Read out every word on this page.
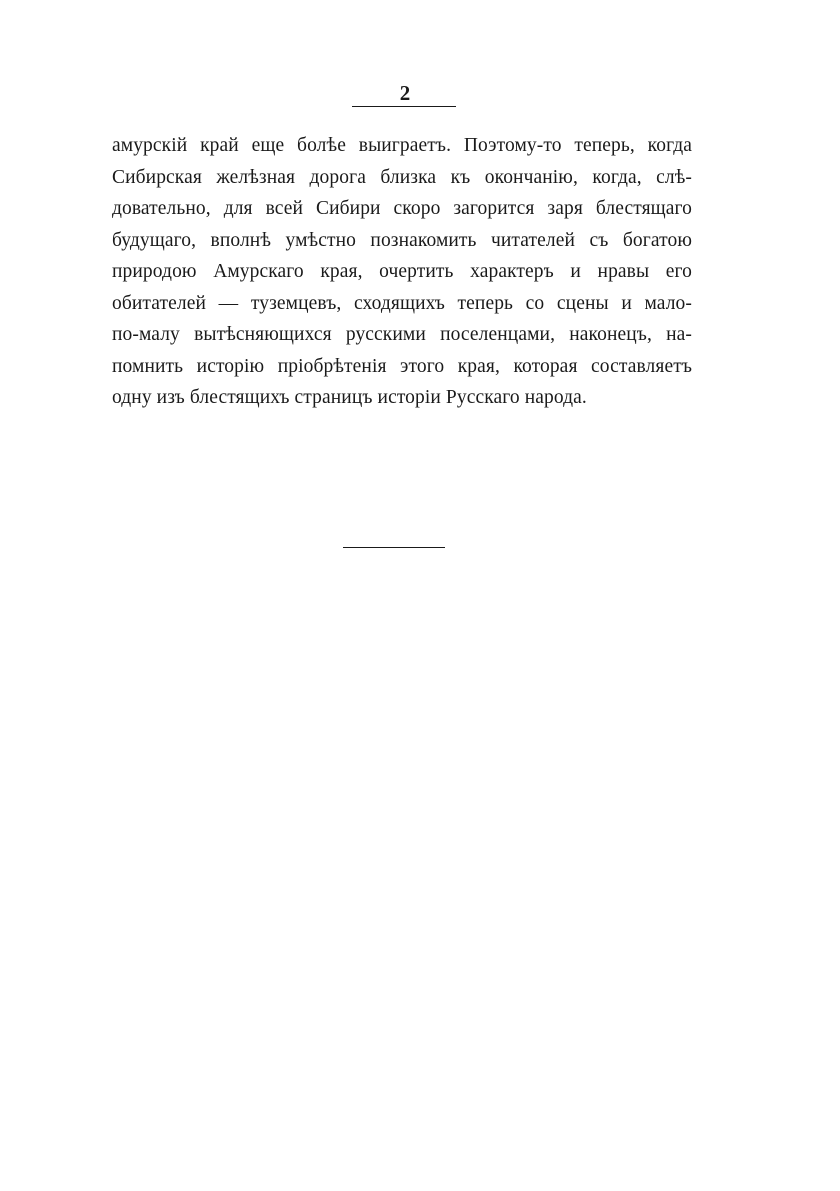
2
амурскій край еще болѣе выиграетъ. Поэтому-то теперь, когда
Сибирская желѣзная дорога близка къ окончанію, когда, слѣ-
довательно, для всей Сибири скоро загорится заря блестящаго
будущаго, вполнѣ умѣстно познакомить читателей съ богатою
природою Амурскаго края, очертить характеръ и нравы его
обитателей — туземцевъ, сходящихъ теперь со сцены и мало-
по-малу вытѣсняющихся русскими поселенцами, наконецъ, на-
помнить исторію пріобрѣтенія этого края, которая составляетъ
одну изъ блестящихъ страницъ исторіи Русскаго народа.
